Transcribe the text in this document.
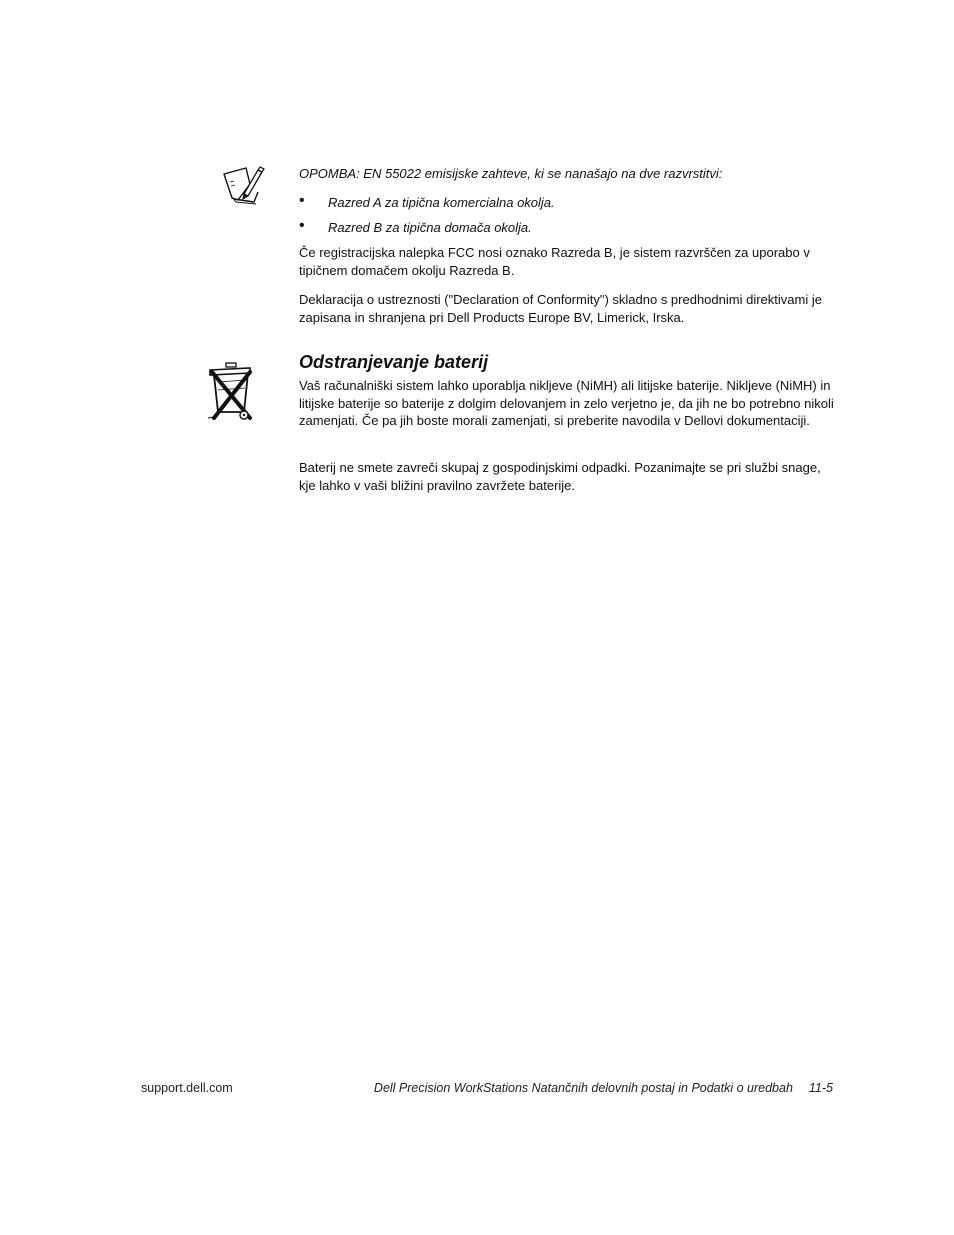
OPOMBA: EN 55022 emisijske zahteve, ki se nanašajo na dve razvrstitvi:
• Razred A za tipična komercialna okolja.
• Razred B za tipična domača okolja.
Če registracijska nalepka FCC nosi oznako Razreda B, je sistem razvrščen za uporabo v tipičnem domačem okolju Razreda B.
Deklaracija o ustreznosti ("Declaration of Conformity") skladno s predhodnimi direktivami je zapisana in shranjena pri Dell Products Europe BV, Limerick, Irska.
Odstranjevanje baterij
Vaš računalniški sistem lahko uporablja nikljeve (NiMH) ali litijske baterije. Nikljeve (NiMH) in litijske baterije so baterije z dolgim delovanjem in zelo verjetno je, da jih ne bo potrebno nikoli zamenjati. Če pa jih boste morali zamenjati, si preberite navodila v Dellovi dokumentaciji.
Baterij ne smete zavreči skupaj z gospodinjskimi odpadki. Pozanimajte se pri službi snage, kje lahko v vaši bližini pravilno zavržete baterije.
support.dell.com	Dell Precision WorkStations Natančnih delovnih postaj in Podatki o uredbah 11-5
